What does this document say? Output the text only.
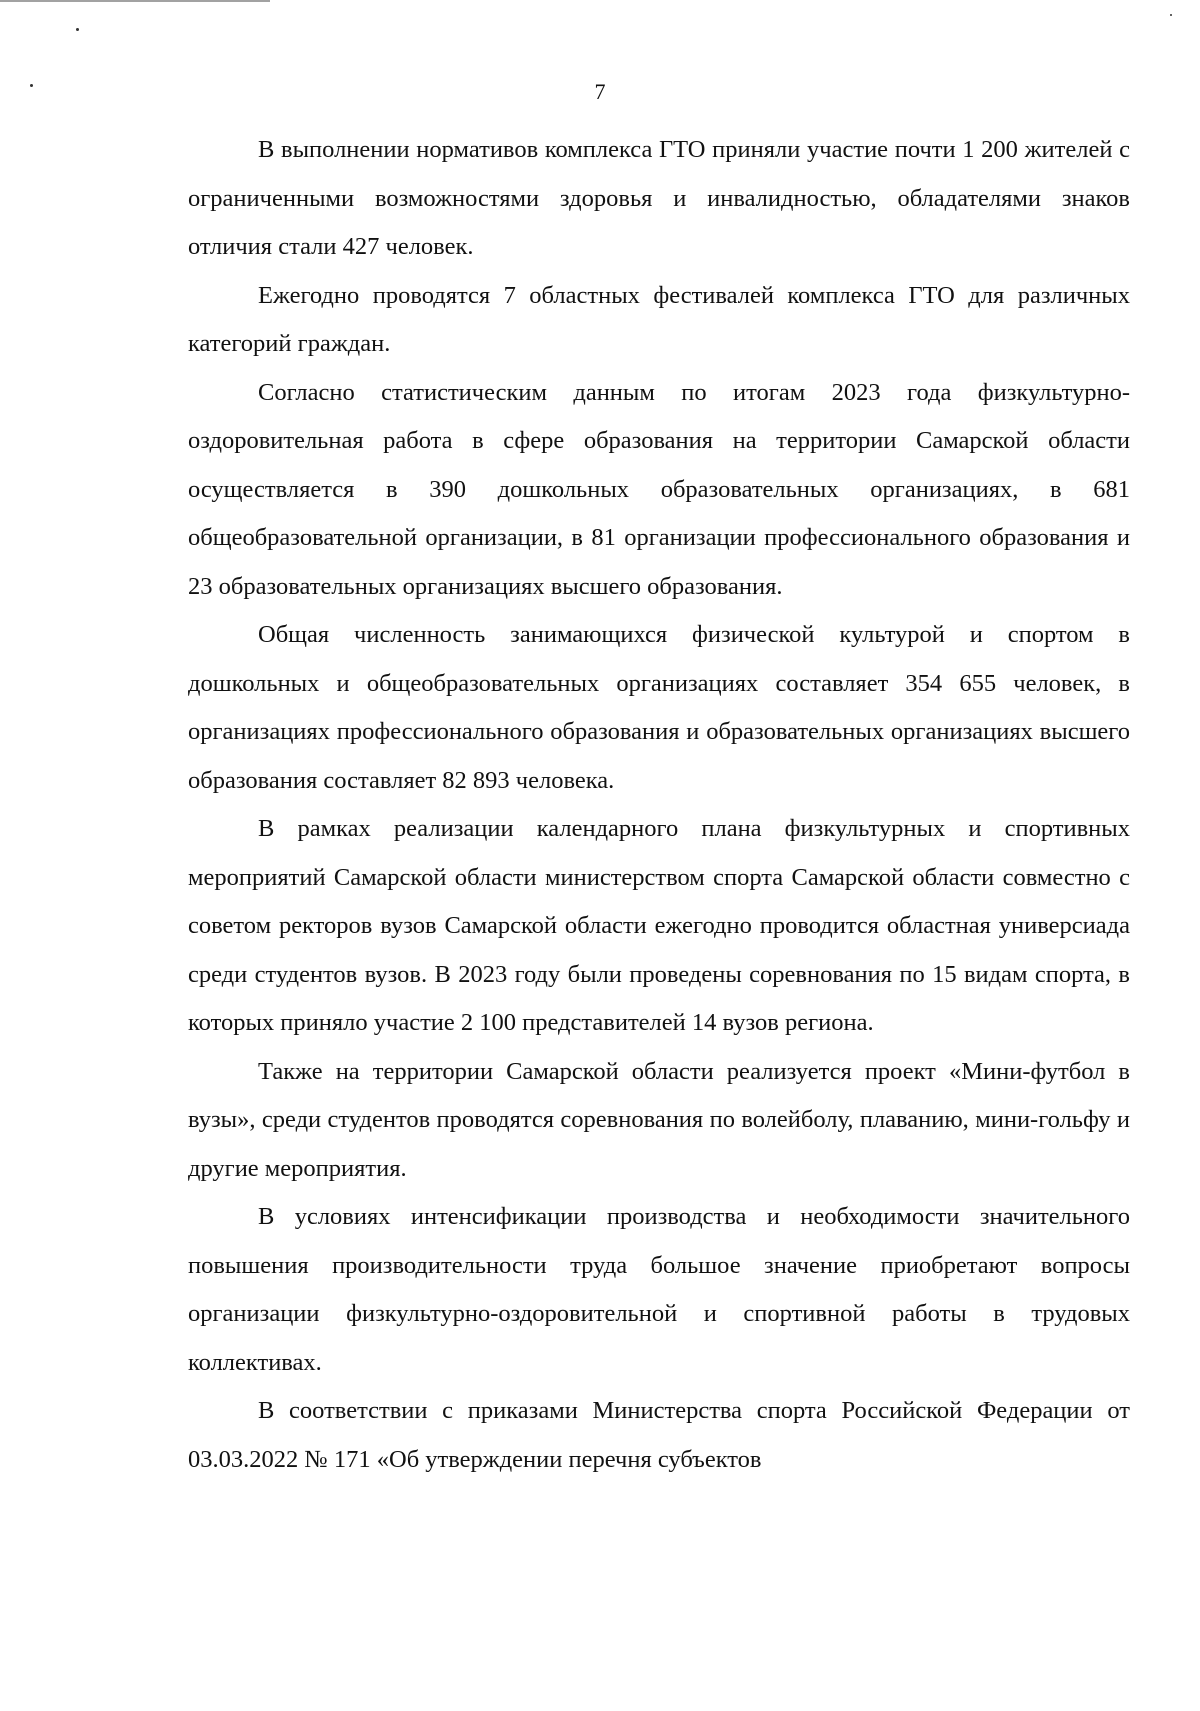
7

В выполнении нормативов комплекса ГТО приняли участие почти 1 200 жителей с ограниченными возможностями здоровья и инвалидностью, обладателями знаков отличия стали 427 человек.

Ежегодно проводятся 7 областных фестивалей комплекса ГТО для различных категорий граждан.

Согласно статистическим данным по итогам 2023 года физкультурно-оздоровительная работа в сфере образования на территории Самарской области осуществляется в 390 дошкольных образовательных организациях, в 681 общеобразовательной организации, в 81 организации профессионального образования и 23 образовательных организациях высшего образования.

Общая численность занимающихся физической культурой и спортом в дошкольных и общеобразовательных организациях составляет 354 655 человек, в организациях профессионального образования и образовательных организациях высшего образования составляет 82 893 человека.

В рамках реализации календарного плана физкультурных и спортивных мероприятий Самарской области министерством спорта Самарской области совместно с советом ректоров вузов Самарской области ежегодно проводится областная универсиада среди студентов вузов. В 2023 году были проведены соревнования по 15 видам спорта, в которых приняло участие 2 100 представителей 14 вузов региона.

Также на территории Самарской области реализуется проект «Мини-футбол в вузы», среди студентов проводятся соревнования по волейболу, плаванию, мини-гольфу и другие мероприятия.

В условиях интенсификации производства и необходимости значительного повышения производительности труда большое значение приобретают вопросы организации физкультурно-оздоровительной и спортивной работы в трудовых коллективах.

В соответствии с приказами Министерства спорта Российской Федерации от 03.03.2022 № 171 «Об утверждении перечня субъектов
